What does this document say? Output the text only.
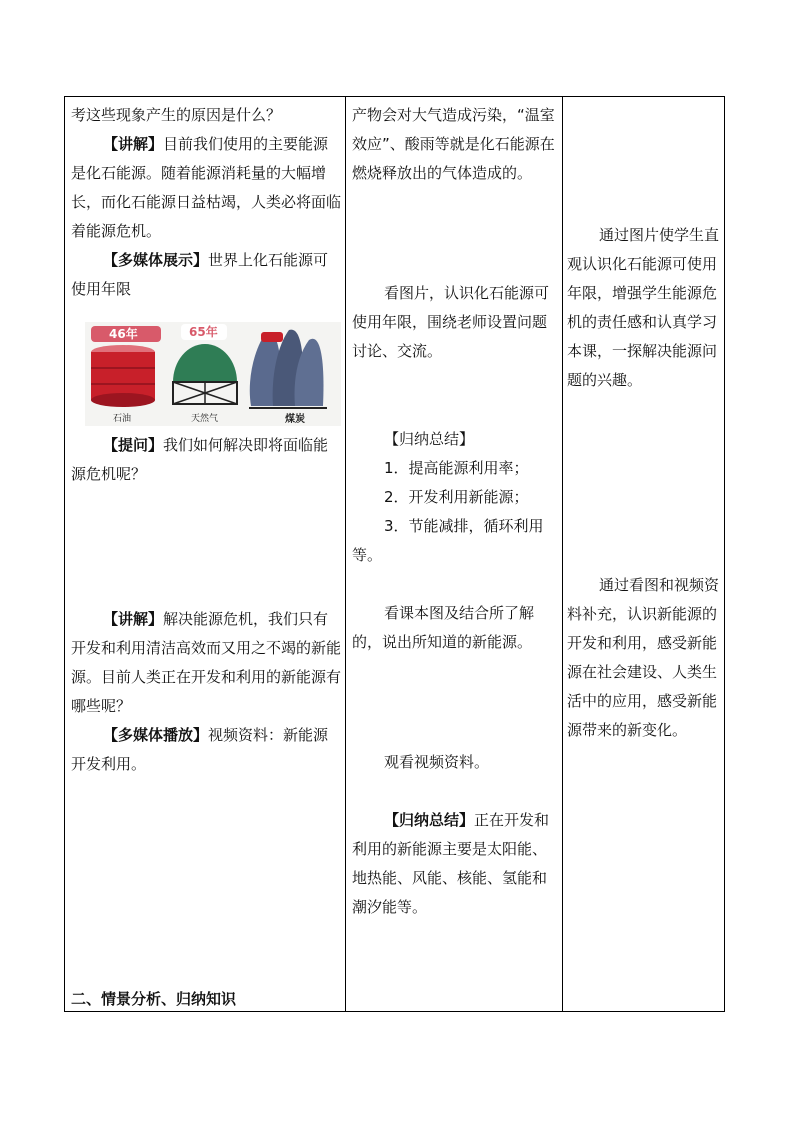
考这些现象产生的原因是什么？
【讲解】目前我们使用的主要能源是化石能源。随着能源消耗量的大幅增长，而化石能源日益枯竭，人类必将面临着能源危机。
【多媒体展示】世界上化石能源可使用年限
46年
石油
65年
天然气	煤炭
【提问】我们如何解决即将面临能源危机呢？
【讲解】解决能源危机，我们只有开发和利用清洁高效而又用之不竭的新能源。目前人类正在开发和利用的新能源有哪些呢？
【多媒体播放】视频资料：新能源开发利用。
二、情景分析、归纳知识

产物会对大气造成污染，“温室效应”、酸雨等就是化石能源在燃烧释放出的气体造成的。
看图片，认识化石能源可使用年限，围绕老师设置问题讨论、交流。
【归纳总结】
1．提高能源利用率；
2．开发利用新能源；
3．节能减排，循环利用等。
看课本图及结合所了解的，说出所知道的新能源。
观看视频资料。
【归纳总结】正在开发和利用的新能源主要是太阳能、地热能、风能、核能、氢能和潮汐能等。

通过图片使学生直观认识化石能源可使用年限，增强学生能源危机的责任感和认真学习本课，一探解决能源问题的兴趣。
通过看图和视频资料补充，认识新能源的开发和利用，感受新能源在社会建设、人类生活中的应用，感受新能源带来的新变化。
